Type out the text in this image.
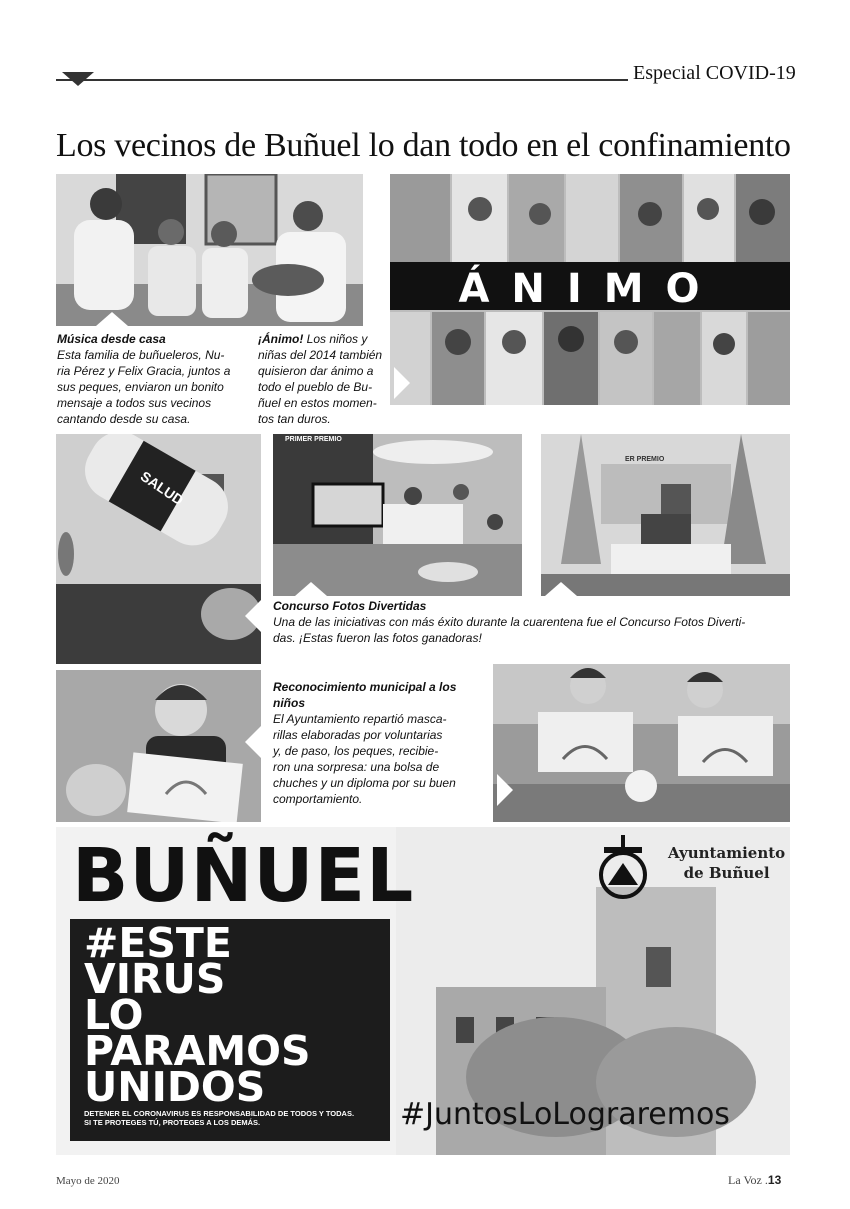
Especial COVID-19
Los vecinos de Buñuel lo dan todo en el confinamiento
Música desde casa
Esta familia de buñueleros, Nu-
ria Pérez y Felix Gracia, juntos a
sus peques, enviaron un bonito
mensaje a todos sus vecinos
cantando desde su casa.
¡Ánimo! Los niños y
niñas del 2014 también
quisieron dar ánimo a
todo el pueblo de Bu-
ñuel en estos momen-
tos tan duros.
ÁNIMO
SALUD
PRIMER PREMIO
ER PREMIO
Concurso Fotos Divertidas
Una de las iniciativas con más éxito durante la cuarentena fue el Concurso Fotos Diverti-
das. ¡Estas fueron las fotos ganadoras!
Reconocimiento municipal a los
niños
El Ayuntamiento repartió masca-
rillas elaboradas por voluntarias
y, de paso, los peques, recibie-
ron una sorpresa: una bolsa de
chuches y un diploma por su buen
comportamiento.
Ayuntamiento
de Buñuel
BUÑUEL
#ESTE
VIRUS
LO
PARAMOS
UNIDOS
DETENER EL CORONAVIRUS ES RESPONSABILIDAD DE TODOS Y TODAS.
SI TE PROTEGES TÚ, PROTEGES A LOS DEMÁS.	#JuntosLoLograremos
Mayo de 2020	La Voz .13
